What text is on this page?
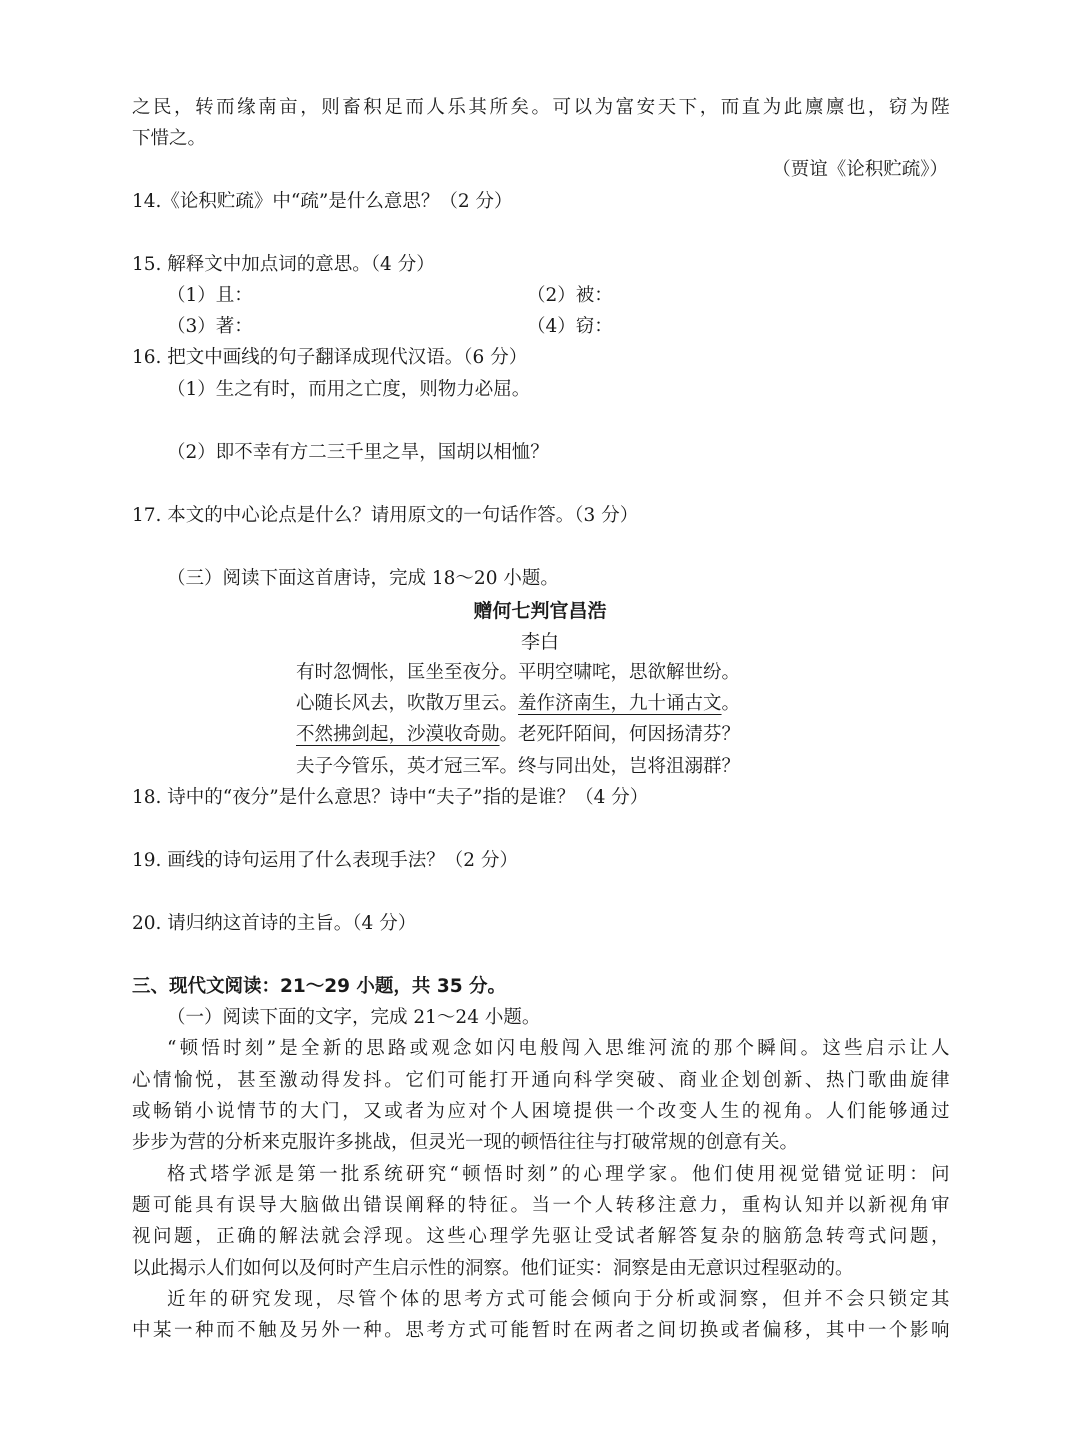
之民，转而缘南亩，则畜积足而人乐其所矣。可以为富安天下，而直为此廪廪也，窃为陛
下惜之。
（贾谊《论积贮疏》）
14.《论积贮疏》中“疏”是什么意思？（2 分）
15. 解释文中加点词的意思。（4 分）
（1）且：	（2）被：
（3）著：	（4）窃：
16. 把文中画线的句子翻译成现代汉语。（6 分）
（1）生之有时，而用之亡度，则物力必屈。
（2）即不幸有方二三千里之旱，国胡以相恤？
17. 本文的中心论点是什么？请用原文的一句话作答。（3 分）
（三）阅读下面这首唐诗，完成 18～20 小题。
赠何七判官昌浩
李白
有时忽惆怅，匡坐至夜分。平明空啸咤，思欲解世纷。
心随长风去，吹散万里云。羞作济南生，九十诵古文。
不然拂剑起，沙漠收奇勋。老死阡陌间，何因扬清芬？
夫子今管乐，英才冠三军。终与同出处，岂将沮溺群？
18. 诗中的“夜分”是什么意思？诗中“夫子”指的是谁？（4 分）
19. 画线的诗句运用了什么表现手法？（2 分）
20. 请归纳这首诗的主旨。（4 分）
三、现代文阅读：21～29 小题，共 35 分。
（一）阅读下面的文字，完成 21～24 小题。
“顿悟时刻”是全新的思路或观念如闪电般闯入思维河流的那个瞬间。这些启示让人
心情愉悦，甚至激动得发抖。它们可能打开通向科学突破、商业企划创新、热门歌曲旋律
或畅销小说情节的大门，又或者为应对个人困境提供一个改变人生的视角。人们能够通过
步步为营的分析来克服许多挑战，但灵光一现的顿悟往往与打破常规的创意有关。
格式塔学派是第一批系统研究“顿悟时刻”的心理学家。他们使用视觉错觉证明：问
题可能具有误导大脑做出错误阐释的特征。当一个人转移注意力，重构认知并以新视角审
视问题，正确的解法就会浮现。这些心理学先驱让受试者解答复杂的脑筋急转弯式问题，
以此揭示人们如何以及何时产生启示性的洞察。他们证实：洞察是由无意识过程驱动的。
近年的研究发现，尽管个体的思考方式可能会倾向于分析或洞察，但并不会只锁定其
中某一种而不触及另外一种。思考方式可能暂时在两者之间切换或者偏移，其中一个影响
